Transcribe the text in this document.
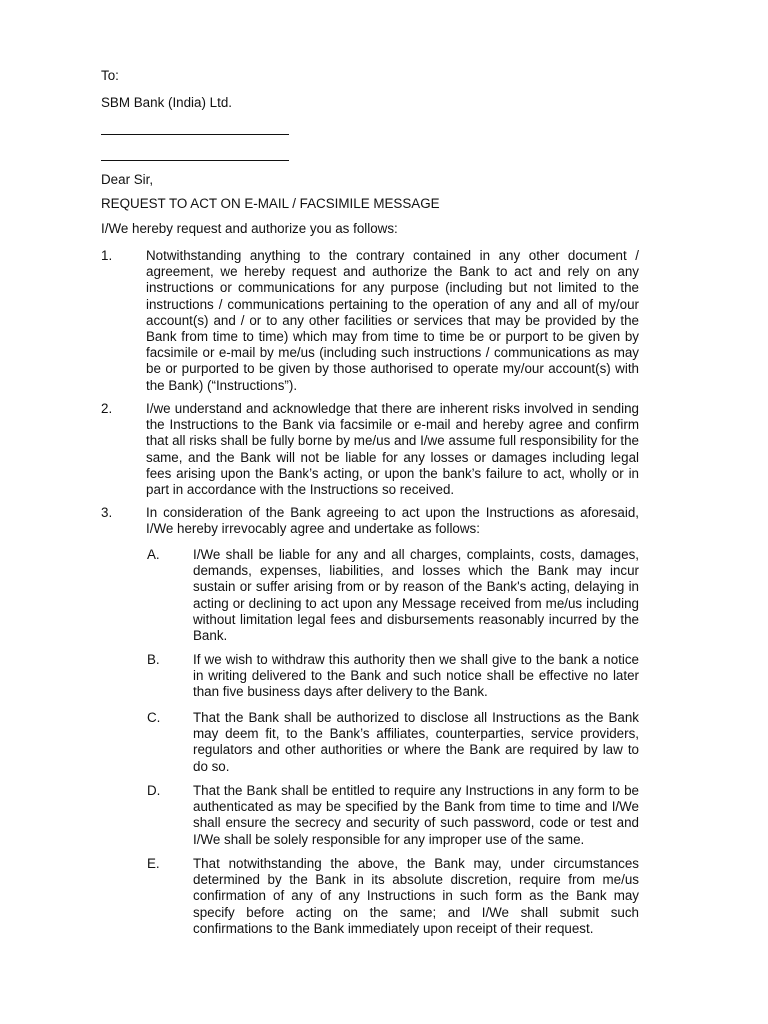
To:
SBM Bank (India) Ltd.
Dear Sir,
REQUEST TO ACT ON E-MAIL / FACSIMILE MESSAGE
I/We hereby request and authorize you as follows:
1.	Notwithstanding anything to the contrary contained in any other document / agreement, we hereby request and authorize the Bank to act and rely on any instructions or communications for any purpose (including but not limited to the instructions / communications pertaining to the operation of any and all of my/our account(s) and / or to any other facilities or services that may be provided by the Bank from time to time) which may from time to time be or purport to be given by facsimile or e-mail by me/us (including such instructions / communications as may be or purported to be given by those authorised to operate my/our account(s) with the Bank) (“Instructions”).
2.	I/we understand and acknowledge that there are inherent risks involved in sending the Instructions to the Bank via facsimile or e-mail and hereby agree and confirm that all risks shall be fully borne by me/us and I/we assume full responsibility for the same, and the Bank will not be liable for any losses or damages including legal fees arising upon the Bank’s acting, or upon the bank’s failure to act, wholly or in part in accordance with the Instructions so received.
3.	In consideration of the Bank agreeing to act upon the Instructions as aforesaid, I/We hereby irrevocably agree and undertake as follows:
A. I/We shall be liable for any and all charges, complaints, costs, damages, demands, expenses, liabilities, and losses which the Bank may incur sustain or suffer arising from or by reason of the Bank's acting, delaying in acting or declining to act upon any Message received from me/us including without limitation legal fees and disbursements reasonably incurred by the Bank.
B. If we wish to withdraw this authority then we shall give to the bank a notice in writing delivered to the Bank and such notice shall be effective no later than five business days after delivery to the Bank.
C. That the Bank shall be authorized to disclose all Instructions as the Bank may deem fit, to the Bank’s affiliates, counterparties, service providers, regulators and other authorities or where the Bank are required by law to do so.
D. That the Bank shall be entitled to require any Instructions in any form to be authenticated as may be specified by the Bank from time to time and I/We shall ensure the secrecy and security of such password, code or test and I/We shall be solely responsible for any improper use of the same.
E. That notwithstanding the above, the Bank may, under circumstances determined by the Bank in its absolute discretion, require from me/us confirmation of any of any Instructions in such form as the Bank may specify before acting on the same; and I/We shall submit such confirmations to the Bank immediately upon receipt of their request.
